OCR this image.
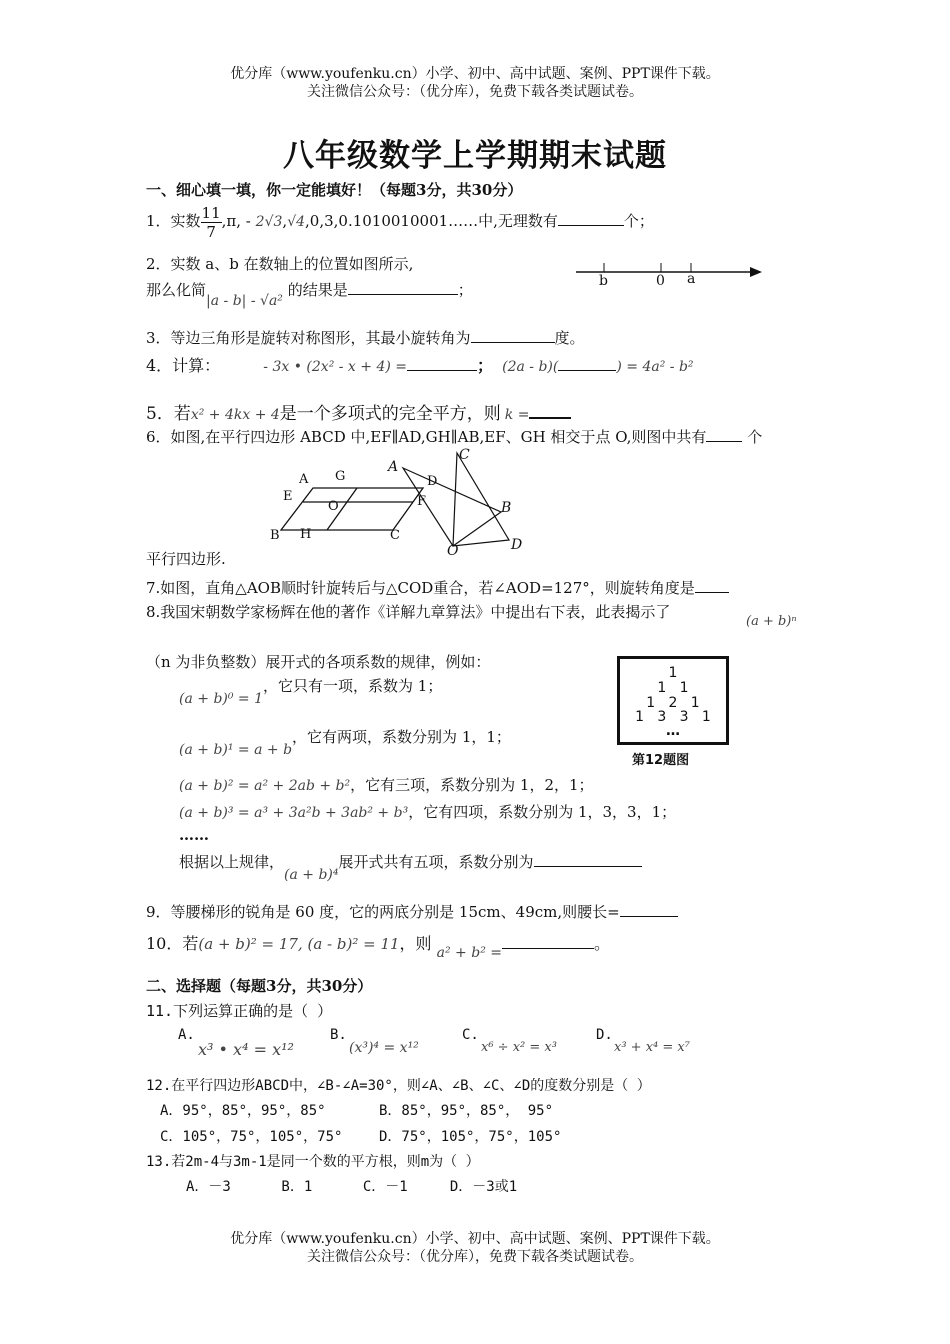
优分库（www.youfenku.cn）小学、初中、高中试题、案例、PPT课件下载。
关注微信公众号：（优分库），免费下载各类试题试卷。
八年级数学上学期期末试题
一、细心填一填，你一定能填好！（每题3分，共30分）
1．实数 $\frac{11}{7} ,\pi$, - 2√3,√4,0,3,0.1010010001……中,无理数有	个；
2．实数 a、b 在数轴上的位置如图所示,
那么化简|a - b| - √a² 的结果是	；	b	0 a
3．等边三角形是旋转对称图形，其最小旋转角为	度。
4．计算：	- 3x • (2x² - x + 4) =	； (2a - b)(	) = 4a² - b²
5．若x² + 4kx + 4是一个多项式的完全平方，则 k =
6．如图,在平行四边形 ABCD 中,EF∥AD,GH∥AB,EF、GH 相交于点 O,则图中共有	个
A G	D
E	F
O
B H	C
A
C
B
O	D
平行四边形.
7.如图，直角△AOB顺时针旋转后与△COD重合，若∠AOD=127°，则旋转角度是
8.我国宋朝数学家杨辉在他的著作《详解九章算法》中提出右下表，此表揭示了
(a + b)ⁿ
（n 为非负整数）展开式的各项系数的规律，例如：
(a + b)⁰ = 1，它只有一项，系数为 1；
(a + b)¹ = a + b，它有两项，系数分别为 1，1；
(a + b)² = a² + 2ab + b²，它有三项，系数分别为 1，2，1；
(a + b)³ = a³ + 3a²b + 3ab² + b³，它有四项，系数分别为 1，3，3，1；
……
根据以上规律，(a + b)⁴展开式共有五项，系数分别为
1
1   1
1   2   1
1   3   3   1
…
第12题图
9．等腰梯形的锐角是 60 度，它的两底分别是 15cm、49cm,则腰长=
10．若(a + b)² = 17, (a - b)² = 11，则 a² + b² =	。
二、选择题（每题3分，共30分）
11.下列运算正确的是（ ）
A.
x³ • x⁴ = x¹²
B.
(x³)⁴ = x¹²
C.
x⁶ ÷ x² = x³
D.
x³ + x⁴ = x⁷
12.在平行四边形ABCD中，∠B-∠A=30°，则∠A、∠B、∠C、∠D的度数分别是（ ）
A．95°，85°，95°，85°	B．85°，95°，85°， 95°
C．105°，75°，105°，75°	D．75°，105°，75°，105°
13.若2m-4与3m-1是同一个数的平方根，则m为（ ）
A．－3      B．1      C．－1     D．－3或1
优分库（www.youfenku.cn）小学、初中、高中试题、案例、PPT课件下载。
关注微信公众号：（优分库），免费下载各类试题试卷。
